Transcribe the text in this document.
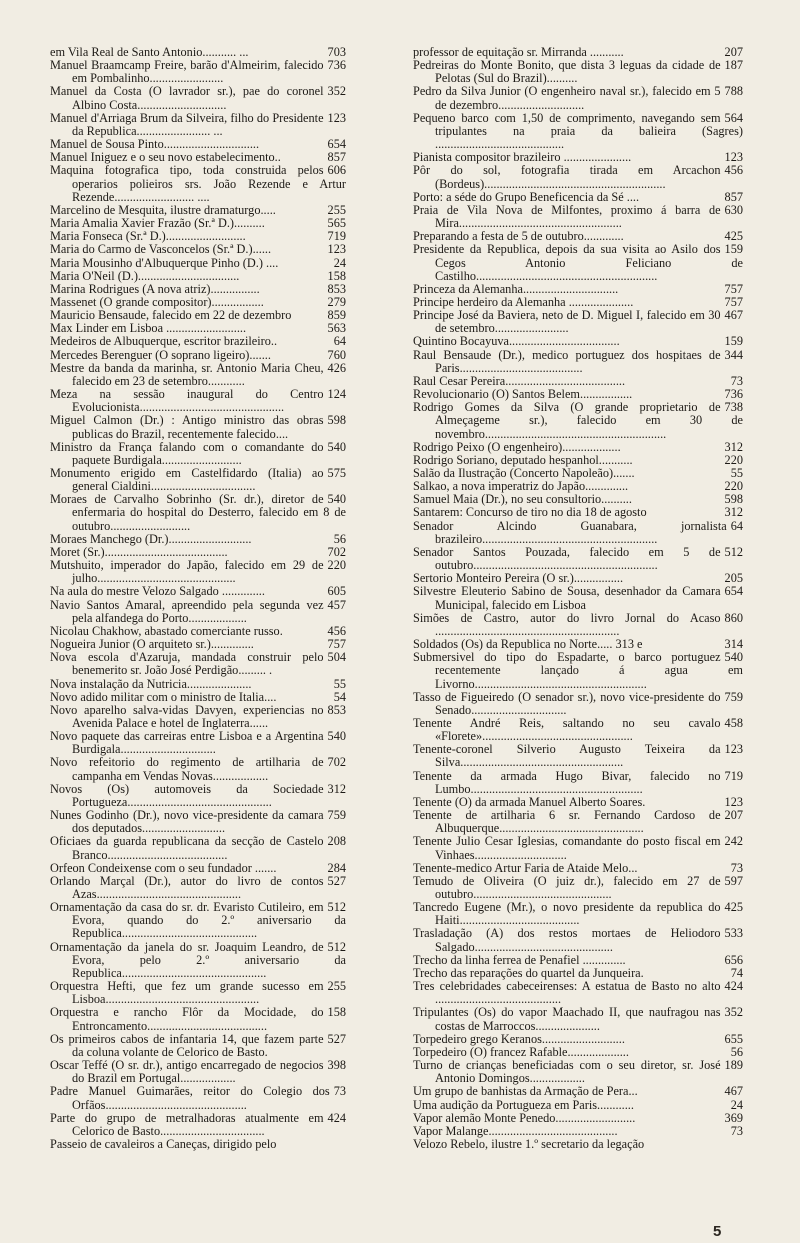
703
em Vila Real de Santo Antonio........... ...
736
Manuel Braamcamp Freire, barão d'Almeirim, falecido em Pombalinho........................
352
Manuel da Costa (O lavrador sr.), pae do coronel Albino Costa.............................
123
Manuel d'Arriaga Brum da Silveira, filho do Presidente da Republica........................ ...
654
Manuel de Sousa Pinto...............................
857
Manuel Iniguez e o seu novo estabelecimento..
606
Maquina fotografica tipo, toda construida pelos operarios polieiros srs. João Rezende e Artur Rezende.......................... ....
255
Marcelino de Mesquita, ilustre dramaturgo.....
565
Maria Amalia Xavier Frazão (Sr.ª D.)..........
719
Maria Fonseca (Sr.ª D.)..........................
123
Maria do Carmo de Vasconcelos (Sr.ª D.)......
24
Maria Mousinho d'Albuquerque Pinho (D.) ....
158
Maria O'Neil (D.).................................
853
Marina Rodrigues (A nova atriz)................
279
Massenet (O grande compositor).................
859
Mauricio Bensaude, falecido em 22 de dezembro
563
Max Linder em Lisboa ..........................
64
Medeiros de Albuquerque, escritor brazileiro..
760
Mercedes Berenguer (O soprano ligeiro).......
426
Mestre da banda da marinha, sr. Antonio Maria Cheu, falecido em 23 de setembro............
124
Meza na sessão inaugural do Centro Evolucionista...............................................
598
Miguel Calmon (Dr.) : Antigo ministro das obras publicas do Brazil, recentemente falecido....
540
Ministro da França falando com o comandante do paquete Burdigala..........................
575
Monumento erigido em Castelfidardo (Italia) ao general Cialdini..................................
540
Moraes de Carvalho Sobrinho (Sr. dr.), diretor de enfermaria do hospital do Desterro, falecido em 8 de outubro..........................
56
Moraes Manchego (Dr.)...........................
702
Moret (Sr.)........................................
220
Mutshuito, imperador do Japão, falecido em 29 de julho.............................................
605
Na aula do mestre Velozo Salgado ..............
457
Navio Santos Amaral, apreendido pela segunda vez pela alfandega do Porto...................
456
Nicolau Chakhow, abastado comerciante russo.
757
Nogueira Junior (O arquiteto sr.)..............
504
Nova escola d'Azaruja, mandada construir pelo benemerito sr. João José Perdigão......... .
55
Nova instalação da Nutricia.....................
54
Novo adido militar com o ministro de Italia....
853
Novo aparelho salva-vidas Davyen, experiencias no Avenida Palace e hotel de Inglaterra......
540
Novo paquete das carreiras entre Lisboa e a Argentina Burdigala...............................
702
Novo refeitorio do regimento de artilharia de campanha em Vendas Novas..................
312
Novos (Os) automoveis da Sociedade Portugueza...............................................
759
Nunes Godinho (Dr.), novo vice-presidente da camara dos deputados...........................
208
Oficiaes da guarda republicana da secção de Castelo Branco.......................................
284
Orfeon Condeixense com o seu fundador .......
527
Orlando Marçal (Dr.), autor do livro de contos Azas...............................................
512
Ornamentação da casa do sr. dr. Evaristo Cutileiro, em Evora, quando do 2.º aniversario da Republica............................................
512
Ornamentação da janela do sr. Joaquim Leandro, de Evora, pelo 2.º aniversario da Republica...............................................
255
Orquestra Hefti, que fez um grande sucesso em Lisboa..................................................
158
Orquestra e rancho Flôr da Mocidade, do Entroncamento.......................................
527
Os primeiros cabos de infantaria 14, que fazem parte da coluna volante de Celorico de Basto.
398
Oscar Teffé (O sr. dr.), antigo encarregado de negocios do Brazil em Portugal..................
73
Padre Manuel Guimarães, reitor do Colegio dos Orfãos..............................................
424
Parte do grupo de metralhadoras atualmente em Celorico de Basto..................................
Passeio de cavaleiros a Caneças, dirigido pelo
207
professor de equitação sr. Mirranda ...........
187
Pedreiras do Monte Bonito, que dista 3 leguas da cidade de Pelotas (Sul do Brazil)..........
788
Pedro da Silva Junior (O engenheiro naval sr.), falecido em 5 de dezembro............................
564
Pequeno barco com 1,50 de comprimento, navegando sem tripulantes na praia da balieira (Sagres) ..........................................
123
Pianista compositor brazileiro ......................
456
Pôr do sol, fotografia tirada em Arcachon (Bordeus)...........................................................
857
Porto: a séde do Grupo Beneficencia da Sé ....
630
Praia de Vila Nova de Milfontes, proximo á barra de Mira.....................................................
425
Preparando a festa de 5 de outubro.............
159
Presidente da Republica, depois da sua visita ao Asilo dos Cegos Antonio Feliciano de Castilho...........................................................
757
Princeza da Alemanha...............................
757
Principe herdeiro da Alemanha .....................
467
Principe José da Baviera, neto de D. Miguel I, falecido em 30 de setembro........................
159
Quintino Bocayuva....................................
344
Raul Bensaude (Dr.), medico portuguez dos hospitaes de Paris........................................
73
Raul Cesar Pereira.......................................
736
Revolucionario (O) Santos Belem.................
738
Rodrigo Gomes da Silva (O grande proprietario de Almeçageme sr.), falecido em 30 de novembro...........................................................
312
Rodrigo Peixo (O engenheiro)...................
220
Rodrigo Soriano, deputado hespanhol...........
55
Salão da Ilustração (Concerto Napoleão).......
220
Salkao, a nova imperatriz do Japão..............
598
Samuel Maia (Dr.), no seu consultorio..........
312
Santarem: Concurso de tiro no dia 18 de agosto
64
Senador Alcindo Guanabara, jornalista brazileiro.........................................................
512
Senador Santos Pouzada, falecido em 5 de outubro............................................................
205
Sertorio Monteiro Pereira (O sr.)................
654
Silvestre Eleuterio Sabino de Sousa, desenhador da Camara Municipal, falecido em Lisboa
860
Simões de Castro, autor do livro Jornal do Acaso ............................................................
314
Soldados (Os) da Republica no Norte..... 313 e
540
Submersivel do tipo do Espadarte, o barco portuguez recentemente lançado á agua em Livorno........................................................
759
Tasso de Figueiredo (O senador sr.), novo vice-presidente do Senado...............................
458
Tenente André Reis, saltando no seu cavalo «Florete».................................................
123
Tenente-coronel Silverio Augusto Teixeira da Silva.....................................................
719
Tenente da armada Hugo Bivar, falecido no Lumbo........................................................
123
Tenente (O) da armada Manuel Alberto Soares.
207
Tenente de artilharia 6 sr. Fernando Cardoso de Albuquerque...............................................
242
Tenente Julio Cesar Iglesias, comandante do posto fiscal em Vinhaes..............................
73
Tenente-medico Artur Faria de Ataide Melo...
597
Temudo de Oliveira (O juiz dr.), falecido em 27 de outubro.............................................
425
Tancredo Eugene (Mr.), o novo presidente da republica do Haiti.......................................
533
Trasladação (A) dos restos mortaes de Heliodoro Salgado.............................................
656
Trecho da linha ferrea de Penafiel ..............
74
Trecho das reparações do quartel da Junqueira.
424
Tres celebridades cabeceirenses: A estatua de Basto no alto .........................................
352
Tripulantes (Os) do vapor Maachado II, que naufragou nas costas de Marroccos.....................
655
Torpedeiro grego Keranos...........................
56
Torpedeiro (O) francez Rafable....................
189
Turno de crianças beneficiadas com o seu diretor, sr. José Antonio Domingos..................
467
Um grupo de banhistas da Armação de Pera...
24
Uma audição da Portugueza em Paris............
369
Vapor alemão Monte Penedo..........................
73
Vapor Malange..........................................
Velozo Rebelo, ilustre 1.º secretario da legação
5
